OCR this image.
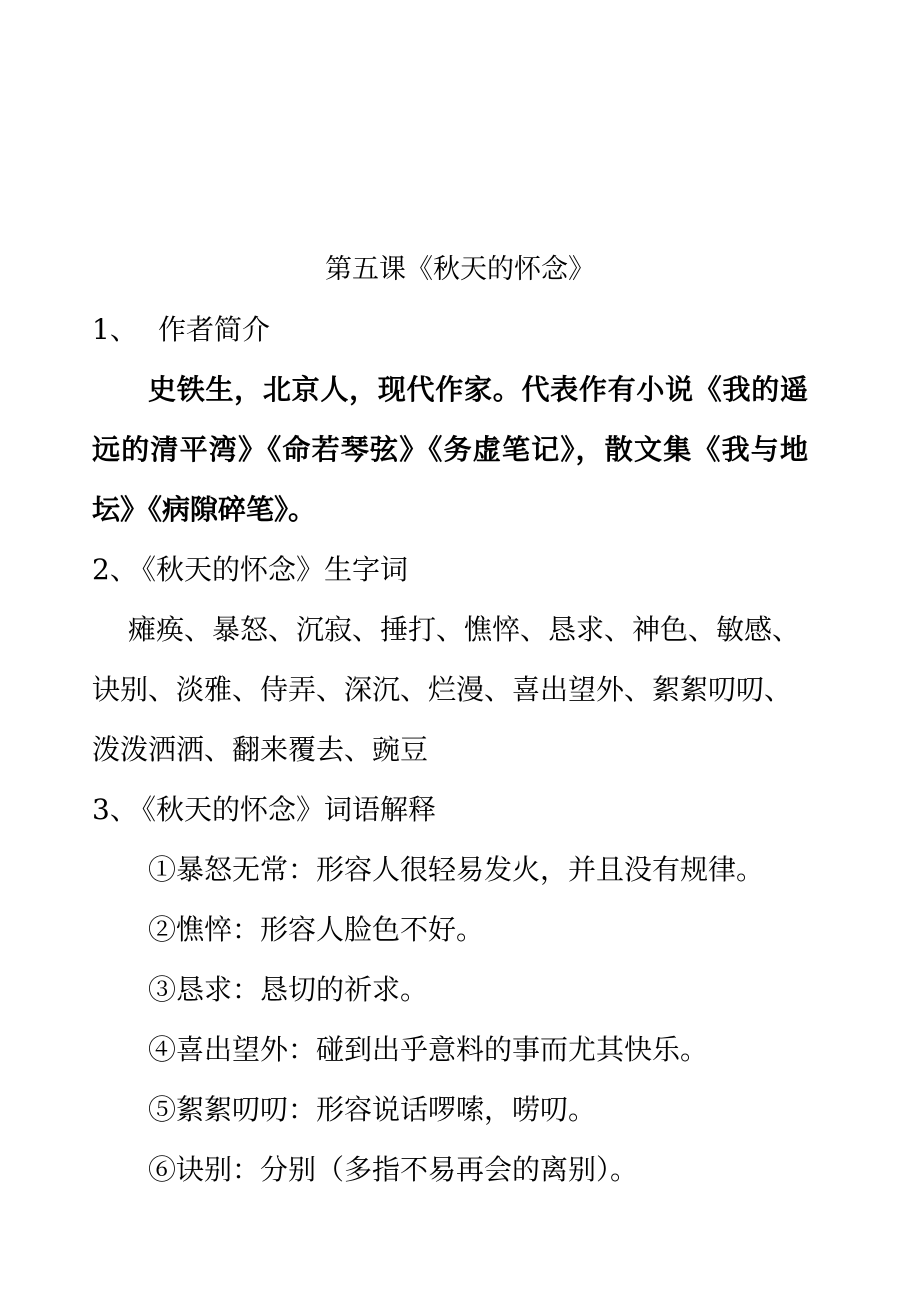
第五课《秋天的怀念》
1、 作者简介
史铁生，北京人，现代作家。代表作有小说《我的遥远的清平湾》《命若琴弦》《务虚笔记》，散文集《我与地坛》《病隙碎笔》。
2、《秋天的怀念》生字词
瘫痪、暴怒、沉寂、捶打、憔悴、恳求、神色、敏感、诀别、淡雅、侍弄、深沉、烂漫、喜出望外、絮絮叨叨、泼泼洒洒、翻来覆去、豌豆
3、《秋天的怀念》词语解释
①暴怒无常：形容人很轻易发火，并且没有规律。
②憔悴：形容人脸色不好。
③恳求：恳切的祈求。
④喜出望外：碰到出乎意料的事而尤其快乐。
⑤絮絮叨叨：形容说话啰嗦，唠叨。
⑥诀别：分别（多指不易再会的离别）。
